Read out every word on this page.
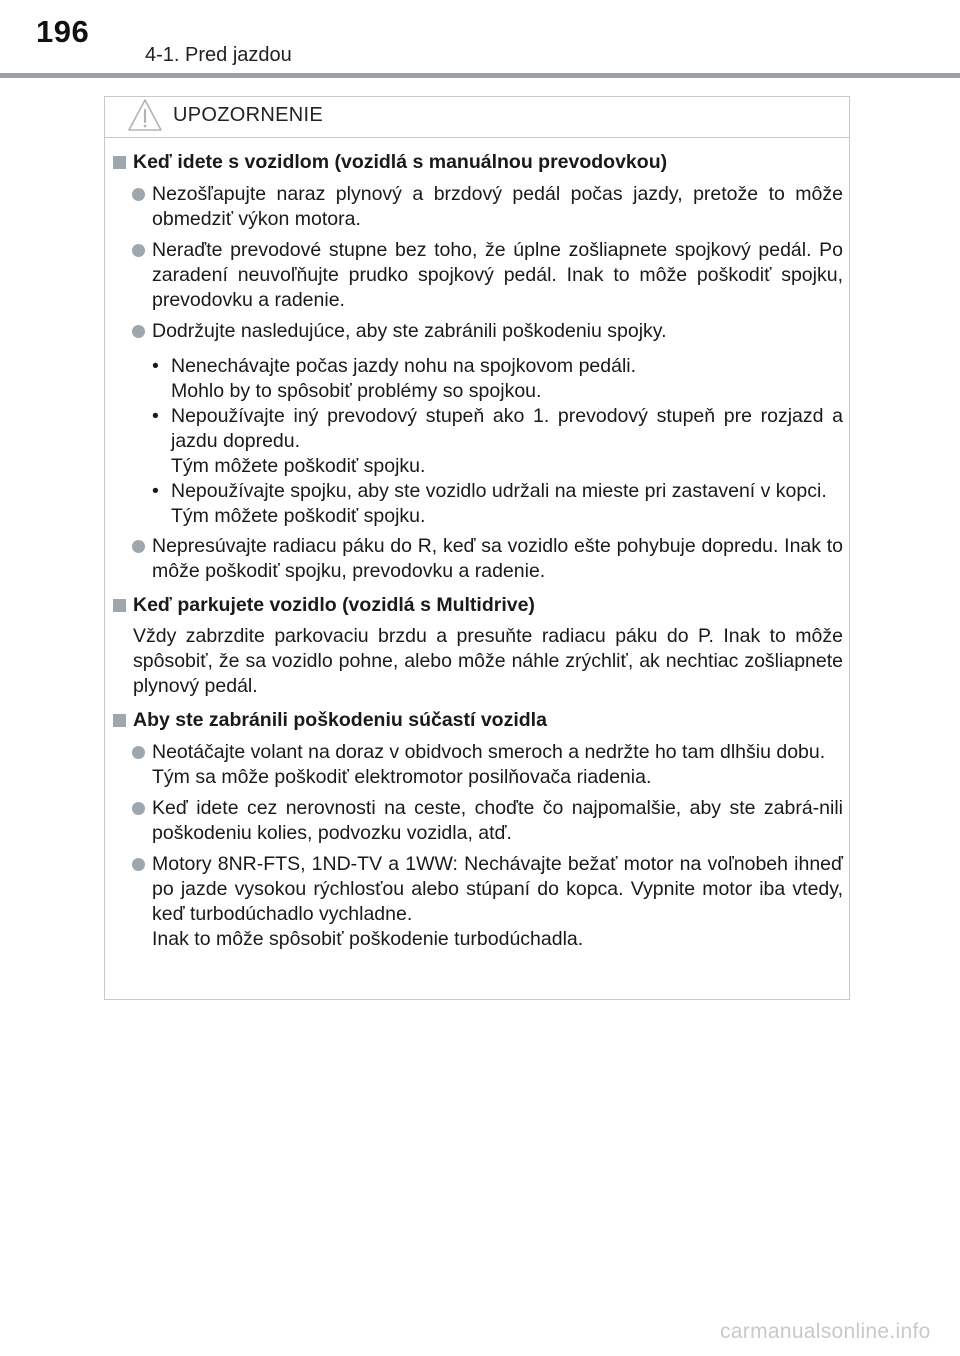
196
4-1. Pred jazdou
UPOZORNENIE
Keď idete s vozidlom (vozidlá s manuálnou prevodovkou)
Nezošľapujte naraz plynový a brzdový pedál počas jazdy, pretože to môže obmedziť výkon motora.
Neraďte prevodové stupne bez toho, že úplne zošliapnete spojkový pedál. Po zaradení neuvoľňujte prudko spojkový pedál. Inak to môže poškodiť spojku, prevodovku a radenie.
Dodržujte nasledujúce, aby ste zabránili poškodeniu spojky.
• Nenechávajte počas jazdy nohu na spojkovom pedáli.
Mohlo by to spôsobiť problémy so spojkou.
• Nepoužívajte iný prevodový stupeň ako 1. prevodový stupeň pre rozjazd a jazdu dopredu.
Tým môžete poškodiť spojku.
• Nepoužívajte spojku, aby ste vozidlo udržali na mieste pri zastavení v kopci.
Tým môžete poškodiť spojku.
Nepresúvajte radiacu páku do R, keď sa vozidlo ešte pohybuje dopredu. Inak to môže poškodiť spojku, prevodovku a radenie.
Keď parkujete vozidlo (vozidlá s Multidrive)
Vždy zabrzdite parkovaciu brzdu a presuňte radiacu páku do P. Inak to môže spôsobiť, že sa vozidlo pohne, alebo môže náhle zrýchliť, ak nechtiac zošliapnete plynový pedál.
Aby ste zabránili poškodeniu súčastí vozidla
Neotáčajte volant na doraz v obidvoch smeroch a nedržte ho tam dlhšiu dobu.
Tým sa môže poškodiť elektromotor posilňovača riadenia.
Keď idete cez nerovnosti na ceste, choďte čo najpomalšie, aby ste zabrá-nili poškodeniu kolies, podvozku vozidla, atď.
Motory 8NR-FTS, 1ND-TV a 1WW: Nechávajte bežať motor na voľnobeh ihneď po jazde vysokou rýchlosťou alebo stúpaní do kopca. Vypnite motor iba vtedy, keď turbodúchadlo vychladne.
Inak to môže spôsobiť poškodenie turbodúchadla.
carmanualsonline.info
